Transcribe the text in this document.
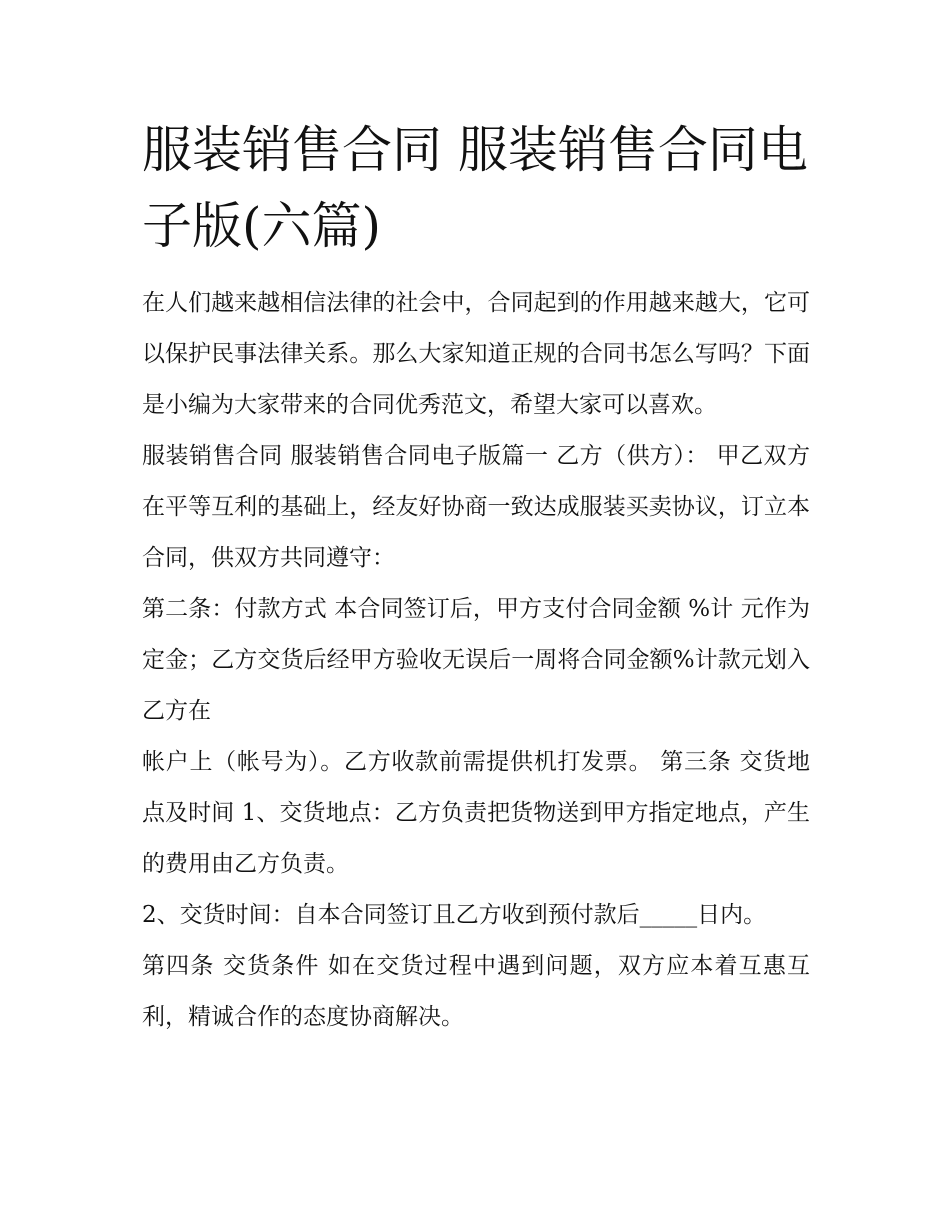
服装销售合同 服装销售合同电子版(六篇)

在人们越来越相信法律的社会中，合同起到的作用越来越大，它可以保护民事法律关系。那么大家知道正规的合同书怎么写吗？下面是小编为大家带来的合同优秀范文，希望大家可以喜欢。

服装销售合同 服装销售合同电子版篇一 乙方（供方）： 甲乙双方在平等互利的基础上，经友好协商一致达成服装买卖协议，订立本合同，供双方共同遵守：

第二条：付款方式 本合同签订后，甲方支付合同金额 %计 元作为定金；乙方交货后经甲方验收无误后一周将合同金额%计款元划入乙方在

帐户上（帐号为）。乙方收款前需提供机打发票。 第三条 交货地点及时间 1、交货地点：乙方负责把货物送到甲方指定地点，产生的费用由乙方负责。

2、交货时间：自本合同签订且乙方收到预付款后_____日内。

第四条 交货条件 如在交货过程中遇到问题，双方应本着互惠互利，精诚合作的态度协商解决。
